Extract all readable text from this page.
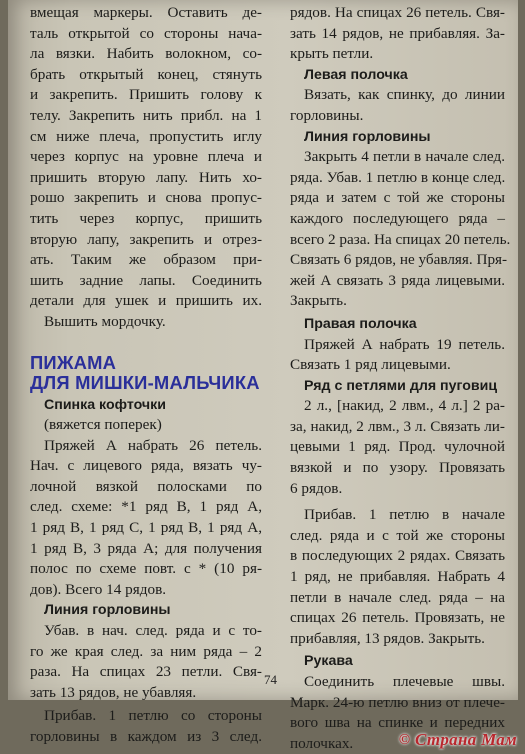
вмещая маркеры. Оставить де-
таль открытой со стороны нача-
ла вязки. Набить волокном, со-
брать открытый конец, стянуть
и закрепить. Пришить голову к
телу. Закрепить нить прибл. на 1
см ниже плеча, пропустить иглу
через корпус на уровне плеча и
пришить вторую лапу. Нить хо-
рошо закрепить и снова пропус-
тить через корпус, пришить
вторую лапу, закрепить и отрез-
ать. Таким же образом при-
шить задние лапы. Соединить
детали для ушек и пришить их.
Вышить мордочку.

ПИЖАМА

ДЛЯ МИШКИ-МАЛЬЧИКА

Спинка кофточки

(вяжется поперек)

Пряжей А набрать 26 петель.
Нач. с лицевого ряда, вязать чу-
лочной вязкой полосками по
след. схеме: *1 ряд В, 1 ряд А,
1 ряд В, 1 ряд С, 1 ряд В, 1 ряд А,
1 ряд В, 3 ряда А; для получения
полос по схеме повт. с * (10 ря-
дов). Всего 14 рядов.

Линия горловины

Убав. в нач. след. ряда и с то-
го же края след. за ним ряда – 2
раза. На спицах 23 петли. Свя-
зать 13 рядов, не убавляя.

Прибав. 1 петлю со стороны
горловины в каждом из 3 след.

рядов. На спицах 26 петель. Свя-
зать 14 рядов, не прибавляя. За-
крыть петли.

Левая полочка

Вязать, как спинку, до линии
горловины.

Линия горловины

Закрыть 4 петли в начале след.
ряда. Убав. 1 петлю в конце след.
ряда и затем с той же стороны
каждого последующего ряда –
всего 2 раза. На спицах 20 петель.
Связать 6 рядов, не убавляя. Пря-
жей А связать 3 ряда лицевыми.
Закрыть.

Правая полочка

Пряжей А набрать 19 петель.
Связать 1 ряд лицевыми.

Ряд с петлями для пуговиц

2 л., [накид, 2 лвм., 4 л.] 2 ра-
за, накид, 2 лвм., 3 л. Связать ли-
цевыми 1 ряд. Прод. чулочной
вязкой и по узору. Провязать
6 рядов.

Прибав. 1 петлю в начале
след. ряда и с той же стороны
в последующих 2 рядах. Связать
1 ряд, не прибавляя. Набрать 4
петли в начале след. ряда – на
спицах 26 петель. Провязать, не
прибавляя, 13 рядов. Закрыть.

Рукава

Соединить плечевые швы.
Марк. 24-ю петлю вниз от плече-
вого шва на спинке и передних
полочках.

74
© Страна Мам
